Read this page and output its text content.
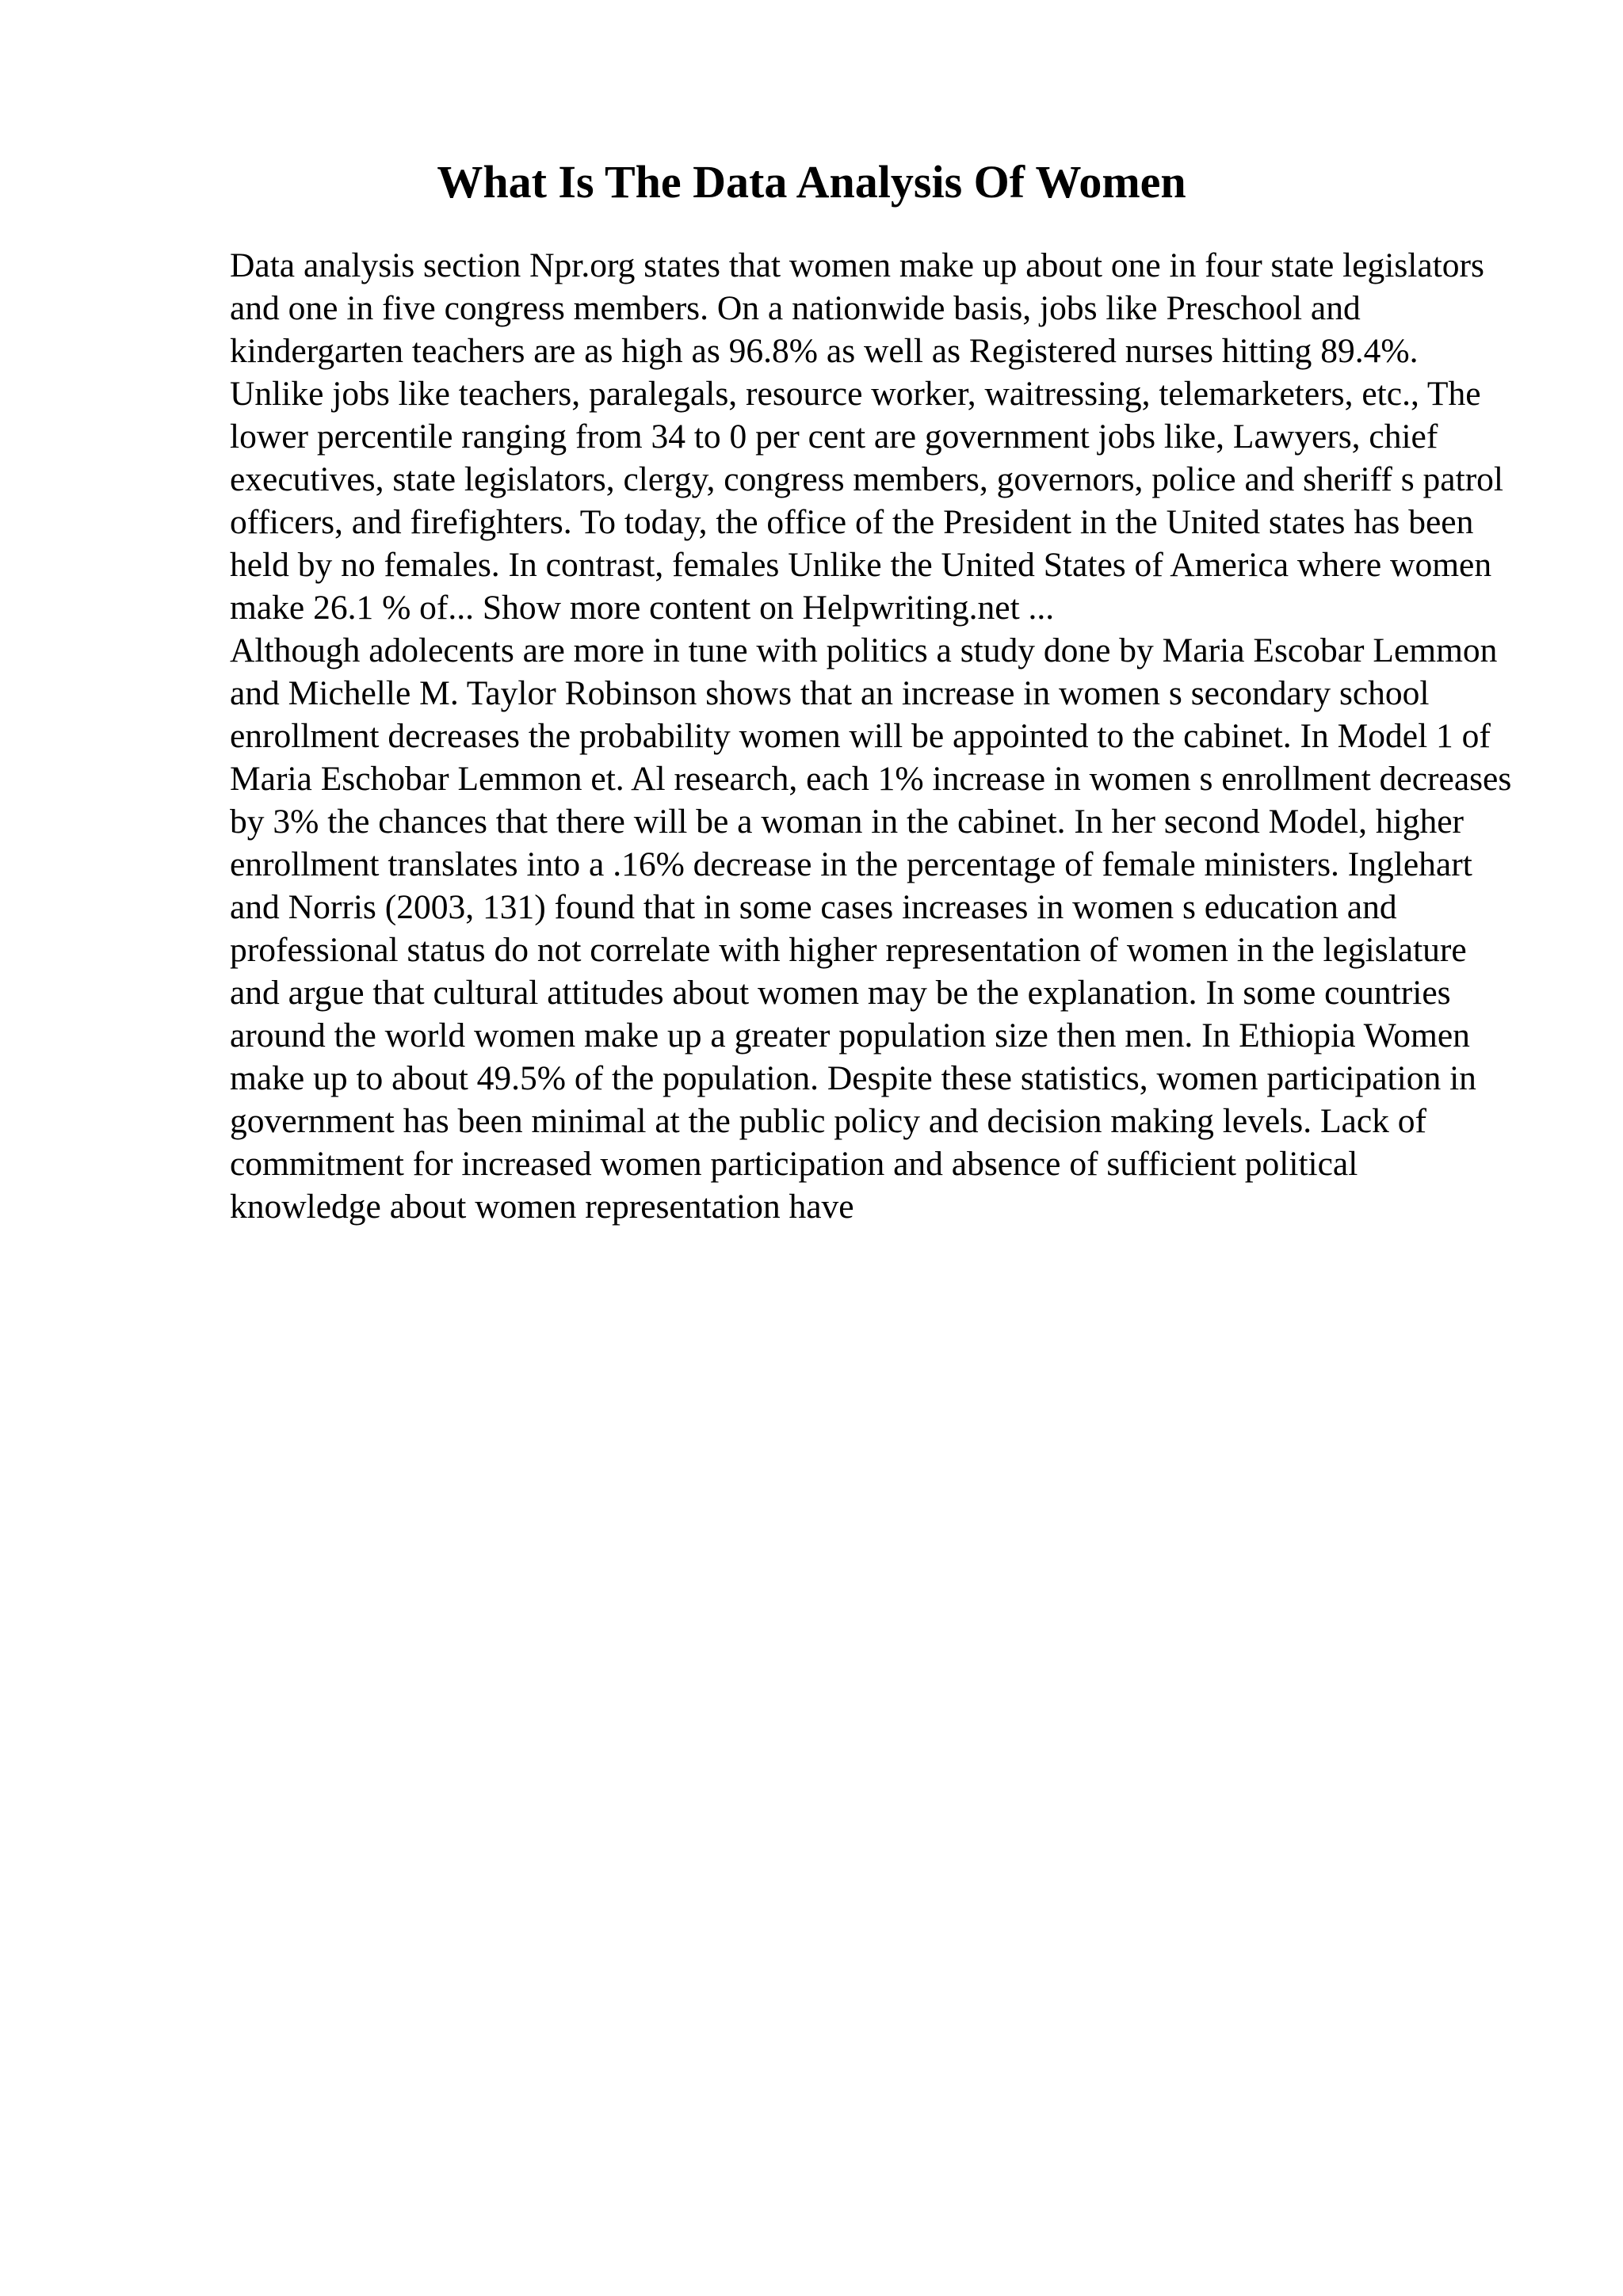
What Is The Data Analysis Of Women

Data analysis section Npr.org states that women make up about one in four state legislators and one in five congress members. On a nationwide basis, jobs like Preschool and kindergarten teachers are as high as 96.8% as well as Registered nurses hitting 89.4%. Unlike jobs like teachers, paralegals, resource worker, waitressing, telemarketers, etc., The lower percentile ranging from 34 to 0 per cent are government jobs like, Lawyers, chief executives, state legislators, clergy, congress members, governors, police and sheriff s patrol officers, and firefighters. To today, the office of the President in the United states has been held by no females. In contrast, females Unlike the United States of America where women make 26.1 % of... Show more content on Helpwriting.net ...

Although adolecents are more in tune with politics a study done by Maria Escobar Lemmon and Michelle M. Taylor Robinson shows that an increase in women s secondary school enrollment decreases the probability women will be appointed to the cabinet. In Model 1 of Maria Eschobar Lemmon et. Al research, each 1% increase in women s enrollment decreases by 3% the chances that there will be a woman in the cabinet. In her second Model, higher enrollment translates into a .16% decrease in the percentage of female ministers. Inglehart and Norris (2003, 131) found that in some cases increases in women s education and professional status do not correlate with higher representation of women in the legislature and argue that cultural attitudes about women may be the explanation. In some countries around the world women make up a greater population size then men. In Ethiopia Women make up to about 49.5% of the population. Despite these statistics, women participation in government has been minimal at the public policy and decision making levels. Lack of commitment for increased women participation and absence of sufficient political knowledge about women representation have
